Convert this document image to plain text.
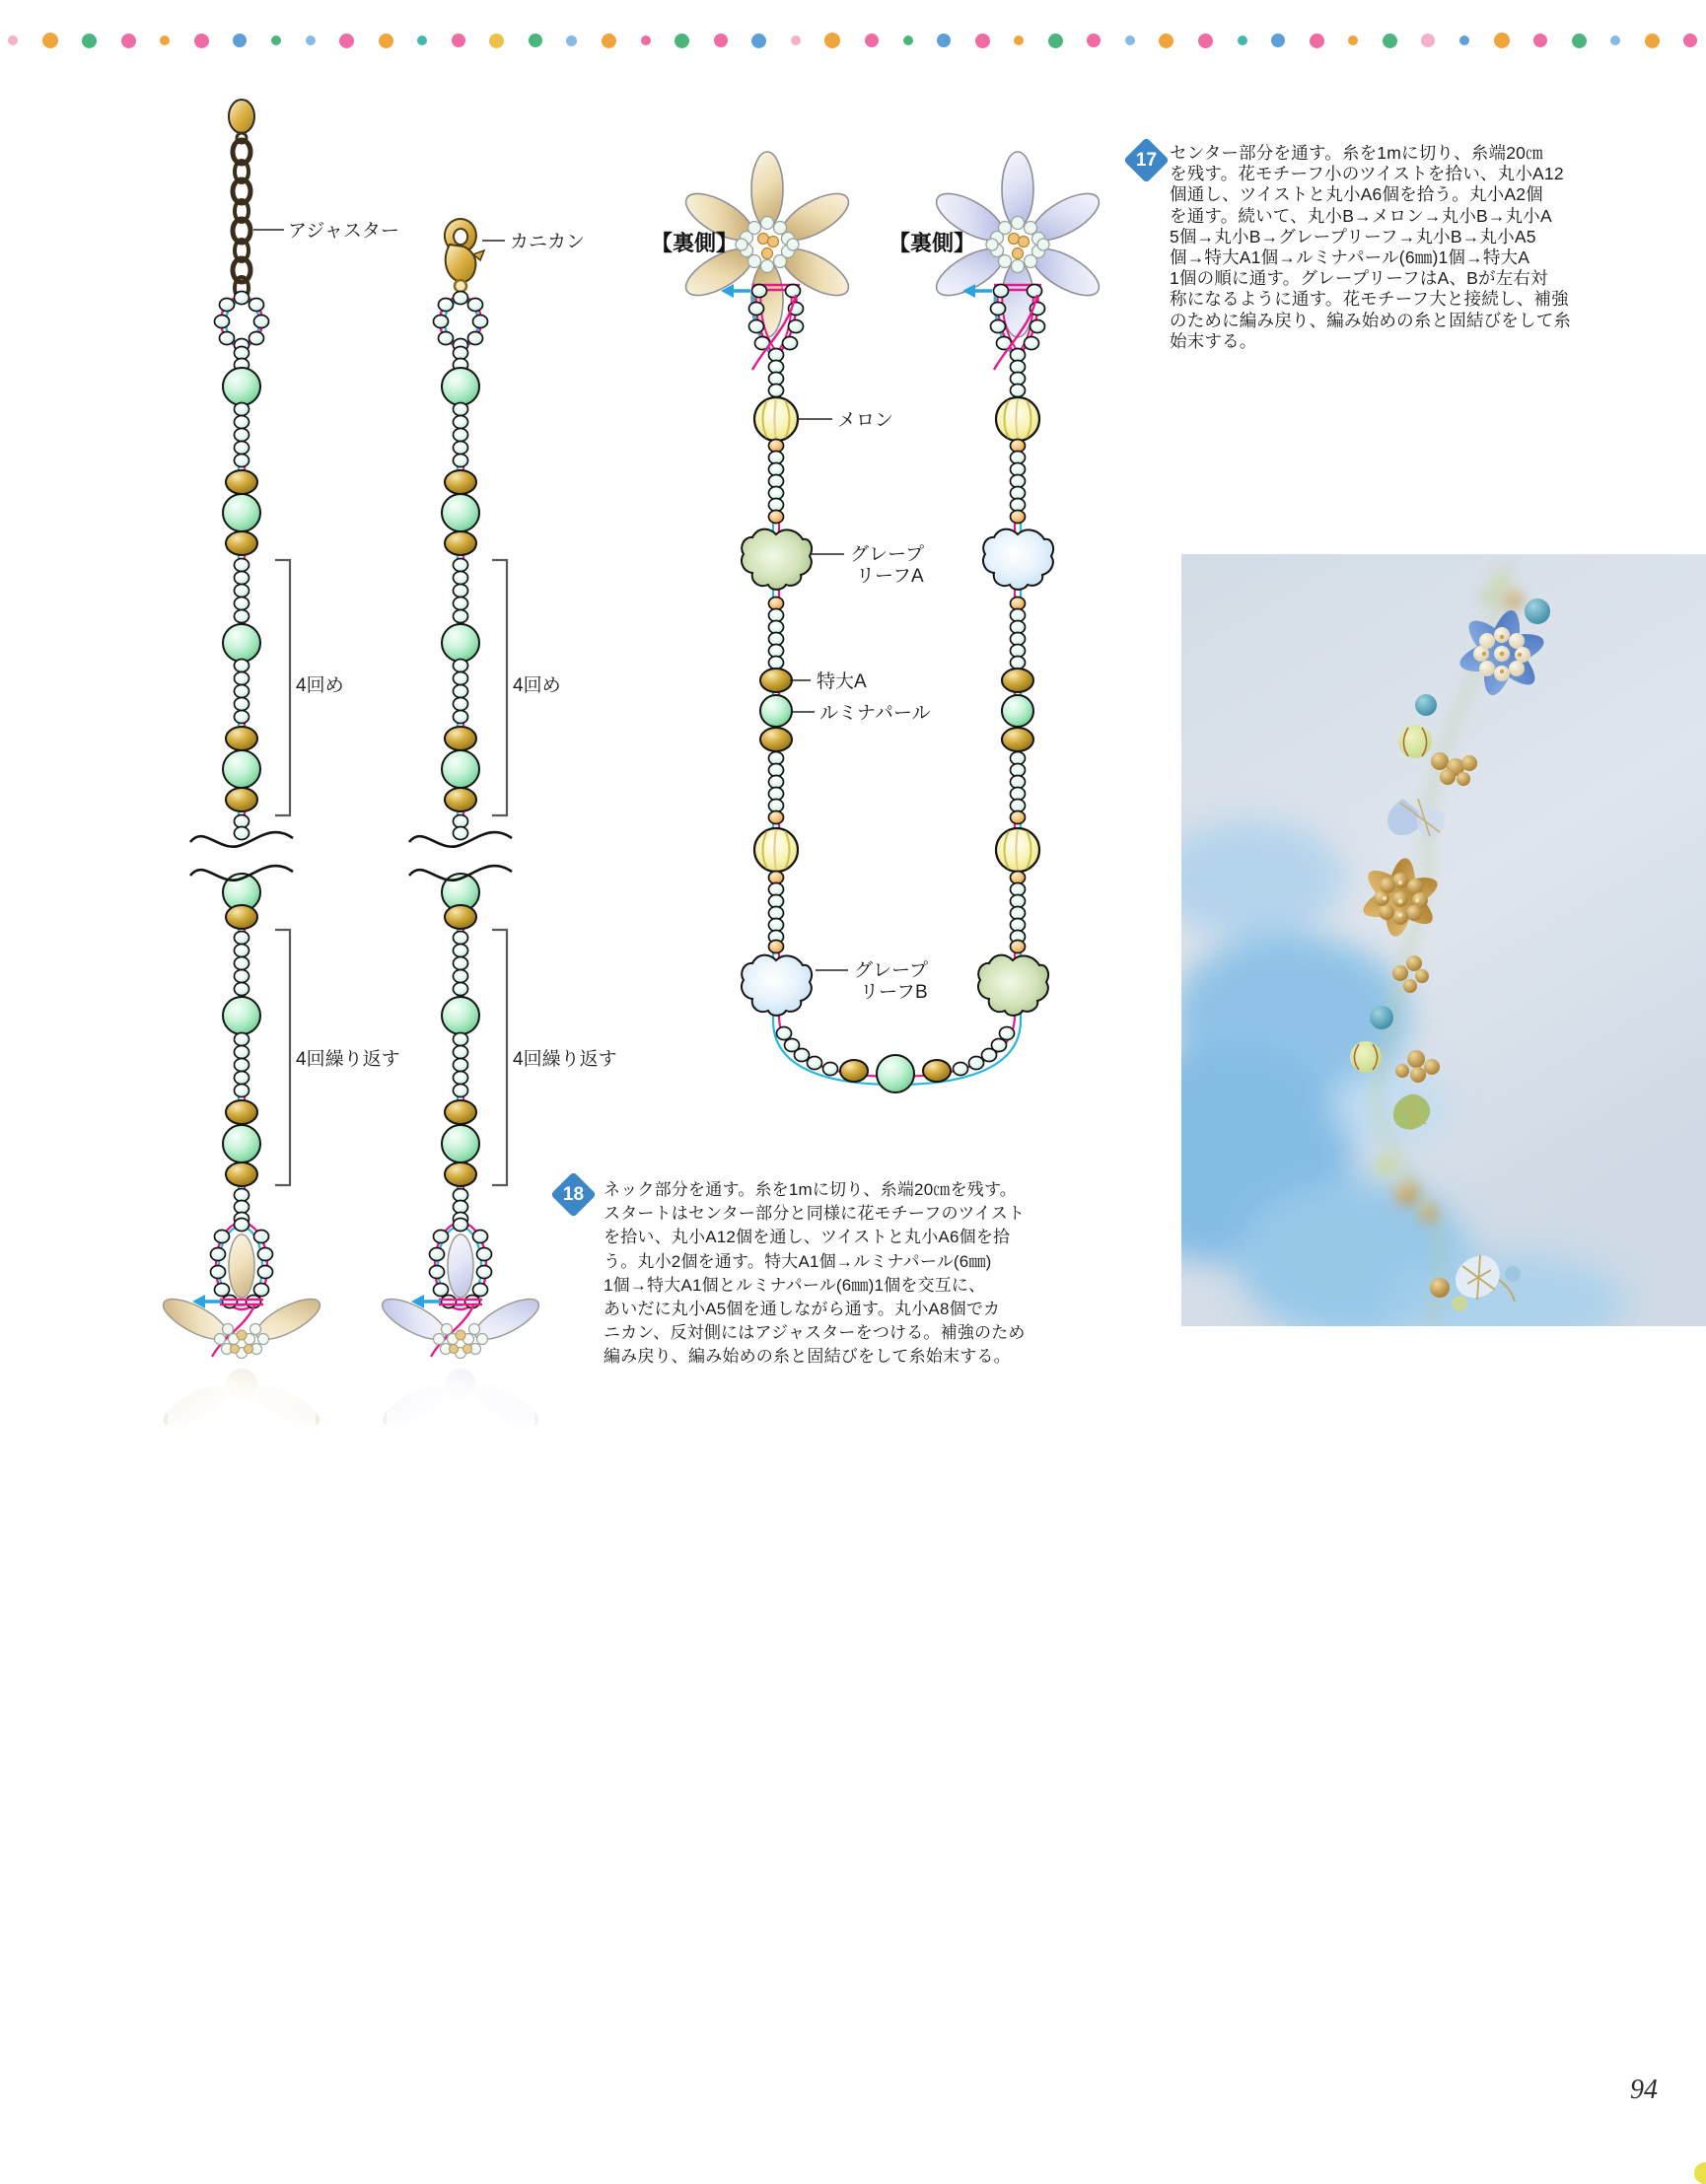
アジャスター
カニカン
4回め	4回め
4回繰り返す	4回繰り返す
メロン
グレープ
リーフA
特大A
ルミナパール
グレープ
リーフB
【裏側】	【裏側】
17 センター部分を通す。糸を1mに切り、糸端20㎝
を残す。花モチーフ小のツイストを拾い、丸小A12
個通し、ツイストと丸小A6個を拾う。丸小A2個
を通す。続いて、丸小B→メロン→丸小B→丸小A
5個→丸小B→グレープリーフ→丸小B→丸小A5
個→特大A1個→ルミナパール(6㎜)1個→特大A
1個の順に通す。グレープリーフはA、Bが左右対
称になるように通す。花モチーフ大と接続し、補強
のために編み戻り、編み始めの糸と固結びをして糸
始末する。
18	ネック部分を通す。糸を1mに切り、糸端20㎝を残す。
スタートはセンター部分と同様に花モチーフのツイスト
を拾い、丸小A12個を通し、ツイストと丸小A6個を拾
う。丸小2個を通す。特大A1個→ルミナパール(6㎜)
1個→特大A1個とルミナパール(6㎜)1個を交互に、
あいだに丸小A5個を通しながら通す。丸小A8個でカ
ニカン、反対側にはアジャスターをつける。補強のため
編み戻り、編み始めの糸と固結びをして糸始末する。
94
